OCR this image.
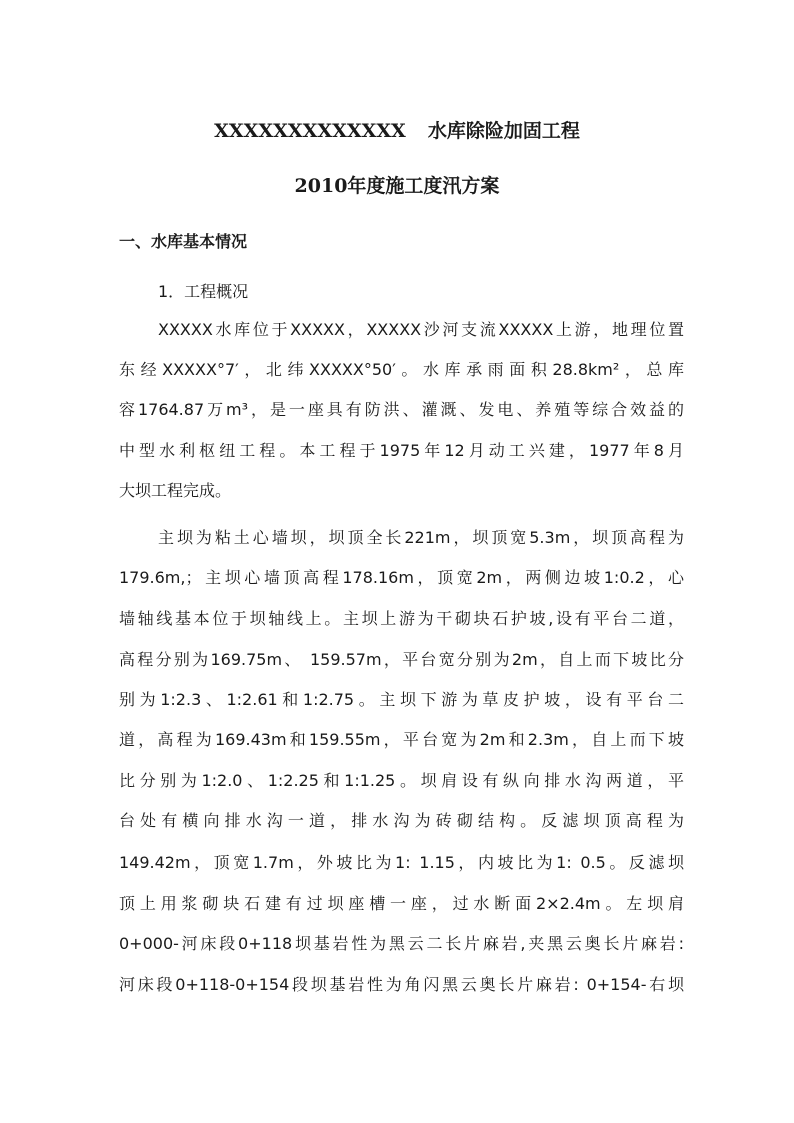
XXXXXXXXXXXXX 水库除险加固工程
2010年度施工度汛方案
一、水库基本情况
1．工程概况
XXXXX水库位于XXXXX，XXXXX沙河支流XXXXX上游，地理位置
东经XXXXX°7′，北纬XXXXX°50′。水库承雨面积28.8km²，总库
容1764.87万m³，是一座具有防洪、灌溉、发电、养殖等综合效益的
中型水利枢纽工程。本工程于1975年12月动工兴建，1977年8月
大坝工程完成。
主坝为粘土心墙坝，坝顶全长221m，坝顶宽5.3m，坝顶高程为
179.6m,；主坝心墙顶高程178.16m，顶宽2m，两侧边坡1:0.2，心
墙轴线基本位于坝轴线上。主坝上游为干砌块石护坡,设有平台二道，
高程分别为169.75m、 159.57m，平台宽分别为2m，自上而下坡比分
别为1:2.3、1:2.61和1:2.75。主坝下游为草皮护坡，设有平台二
道，高程为169.43m和159.55m，平台宽为2m和2.3m，自上而下坡
比分别为1:2.0、1:2.25和1:1.25。坝肩设有纵向排水沟两道，平
台处有横向排水沟一道，排水沟为砖砌结构。反滤坝顶高程为
149.42m，顶宽1.7m，外坡比为1: 1.15，内坡比为1: 0.5。反滤坝
顶上用浆砌块石建有过坝座槽一座，过水断面2×2.4m。左坝肩
0+000-河床段0+118坝基岩性为黑云二长片麻岩,夹黑云奥长片麻岩:
河床段0+118-0+154段坝基岩性为角闪黑云奥长片麻岩: 0+154-右坝
